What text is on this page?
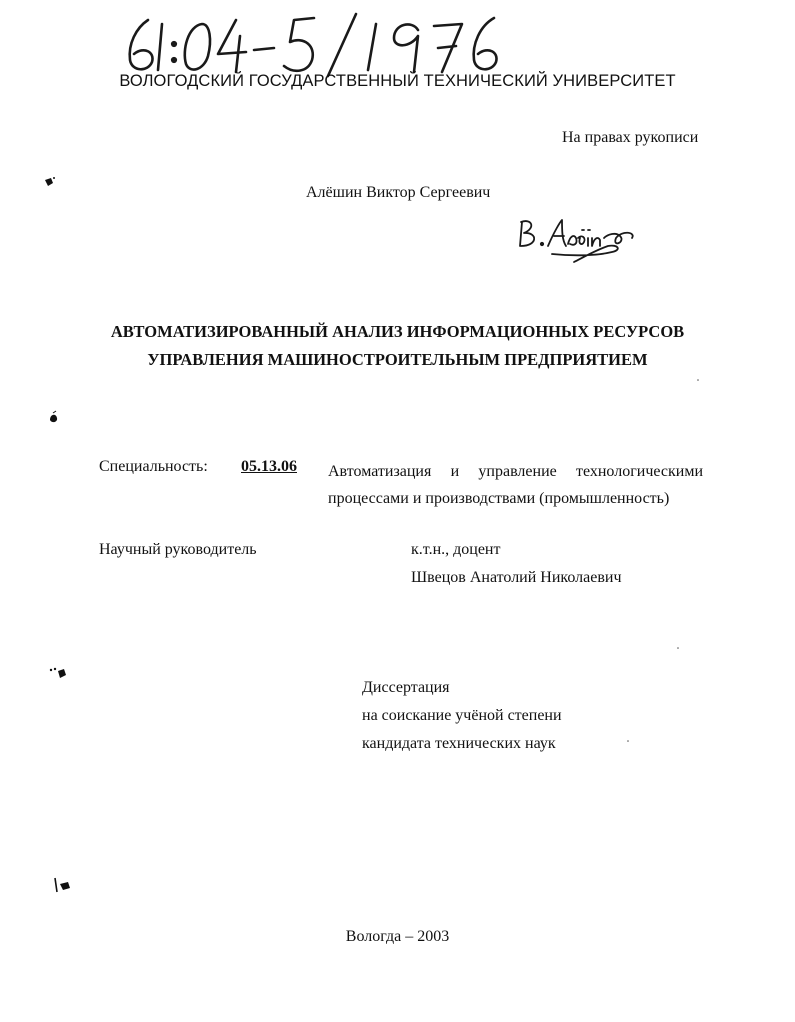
ВОЛОГОДСКИЙ ГОСУДАРСТВЕННЫЙ ТЕХНИЧЕСКИЙ УНИВЕРСИТЕТ
На правах рукописи
Алёшин Виктор Сергеевич
АВТОМАТИЗИРОВАННЫЙ АНАЛИЗ ИНФОРМАЦИОННЫХ РЕСУРСОВ
УПРАВЛЕНИЯ МАШИНОСТРОИТЕЛЬНЫМ ПРЕДПРИЯТИЕМ
Специальность: 05.13.06 Автоматизация и управление технологическими
процессами и производствами (промышленность)
Научный руководитель	к.т.н., доцент
Швецов Анатолий Николаевич
Диссертация
на соискание учёной степени
кандидата технических наук
Вологда – 2003
